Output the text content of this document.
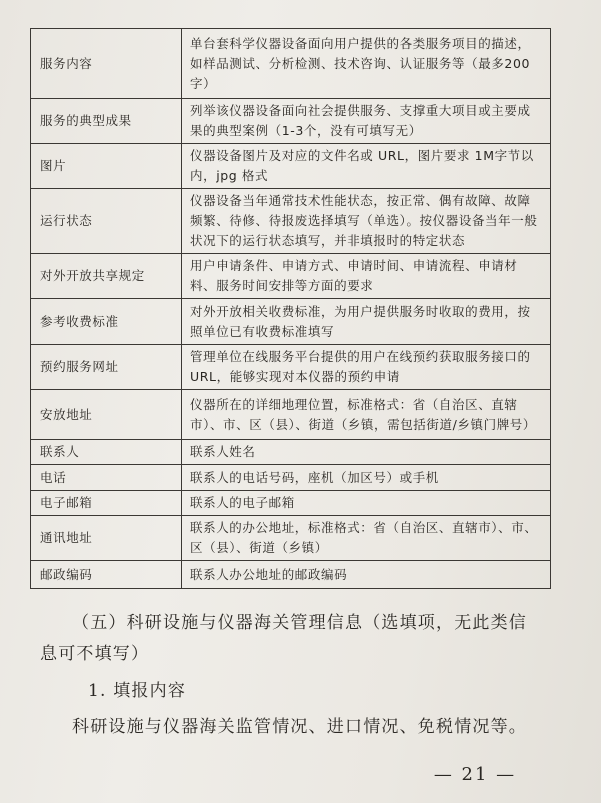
服务内容	单台套科学仪器设备面向用户提供的各类服务项目的描述，如样品测试、分析检测、技术咨询、认证服务等（最多200字）
服务的典型成果	列举该仪器设备面向社会提供服务、支撑重大项目或主要成果的典型案例（1-3个，没有可填写无）
图片	仪器设备图片及对应的文件名或 URL，图片要求 1M字节以内，jpg 格式
运行状态	仪器设备当年通常技术性能状态，按正常、偶有故障、故障频繁、待修、待报废选择填写（单选）。按仪器设备当年一般状况下的运行状态填写，并非填报时的特定状态
对外开放共享规定	用户申请条件、申请方式、申请时间、申请流程、申请材料、服务时间安排等方面的要求
参考收费标准	对外开放相关收费标准，为用户提供服务时收取的费用，按照单位已有收费标准填写
预约服务网址	管理单位在线服务平台提供的用户在线预约获取服务接口的 URL，能够实现对本仪器的预约申请
安放地址	仪器所在的详细地理位置，标准格式：省（自治区、直辖市）、市、区（县）、街道（乡镇，需包括街道/乡镇门牌号）
联系人	联系人姓名
电话	联系人的电话号码，座机（加区号）或手机
电子邮箱	联系人的电子邮箱
通讯地址	联系人的办公地址，标准格式：省（自治区、直辖市）、市、区（县）、街道（乡镇）
邮政编码	联系人办公地址的邮政编码
（五）科研设施与仪器海关管理信息（选填项，无此类信
息可不填写）
1. 填报内容
科研设施与仪器海关监管情况、进口情况、免税情况等。
— 21 —
